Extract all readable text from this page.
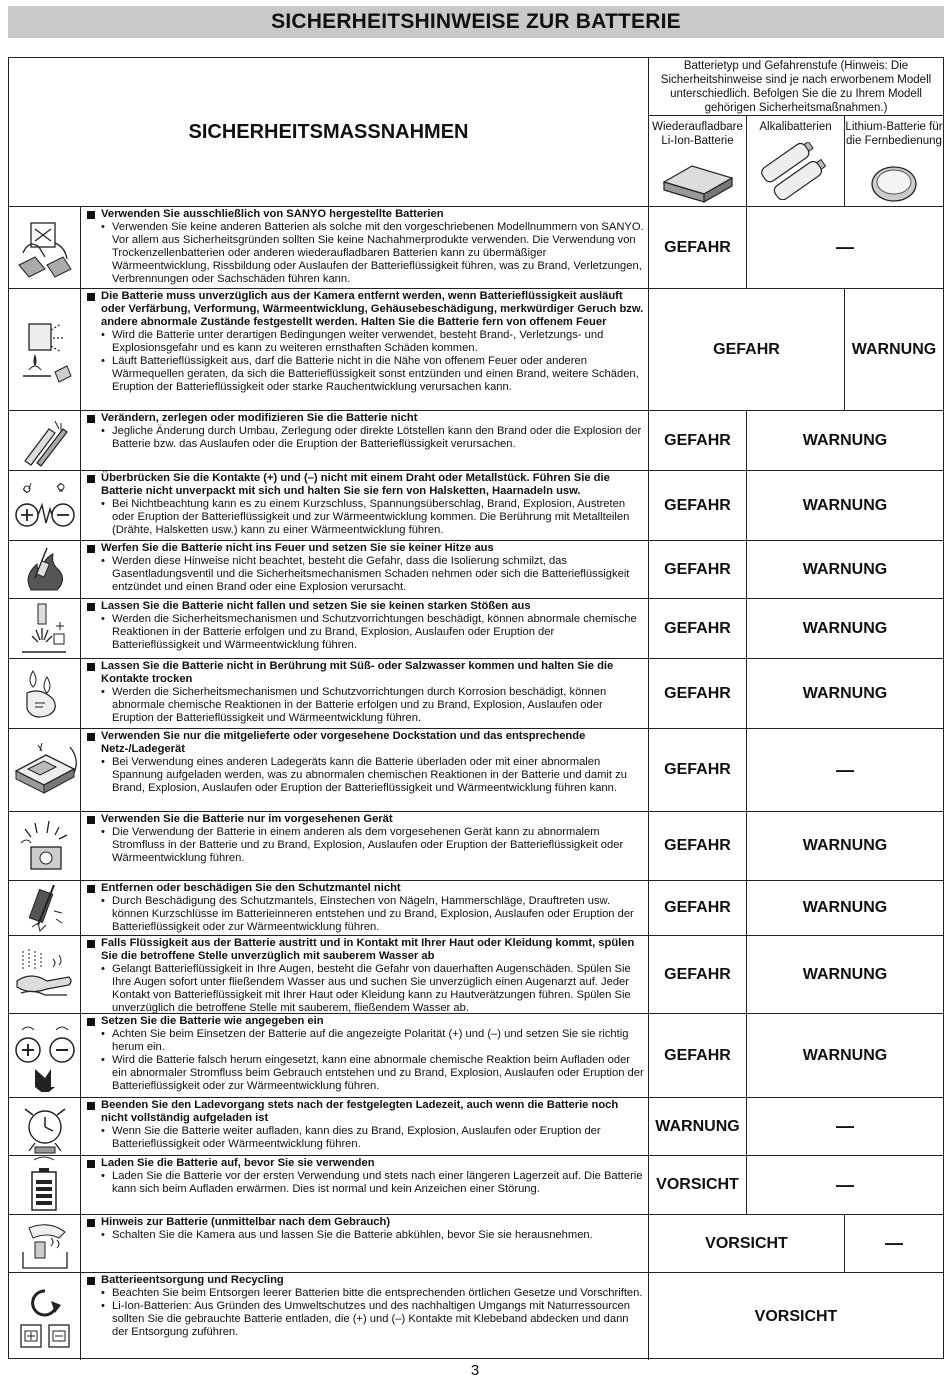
SICHERHEITSHINWEISE ZUR BATTERIE
SICHERHEITSMASSNAHMEN
Batterietyp und Gefahrenstufe (Hinweis: Die Sicherheitshinweise sind je nach erworbenem Modell unterschiedlich. Befolgen Sie die zu Ihrem Modell gehörigen Sicherheitsmaßnahmen.)
Wiederaufladbare Li-Ion-Batterie
Alkalibatterien	Lithium-Batterie für die Fernbedienung
Verwenden Sie ausschließlich von SANYO hergestellte Batterien
• Verwenden Sie keine anderen Batterien als solche mit den vorgeschriebenen Modellnummern von SANYO. Vor allem aus Sicherheitsgründen sollten Sie keine Nachahmerprodukte verwenden. Die Verwendung von Trockenzellenbatterien oder anderen wiederaufladbaren Batterien kann zu übermäßiger Wärmeentwicklung, Rissbildung oder Auslaufen der Batterieflüssigkeit führen, was zu Brand, Verletzungen, Verbrennungen oder Sachschäden führen kann.
GEFAHR	—
Die Batterie muss unverzüglich aus der Kamera entfernt werden, wenn Batterieflüssigkeit ausläuft oder Verfärbung, Verformung, Wärmeentwicklung, Gehäusebeschädigung, merkwürdiger Geruch bzw. andere abnormale Zustände festgestellt werden. Halten Sie die Batterie fern von offenem Feuer
• Wird die Batterie unter derartigen Bedingungen weiter verwendet, besteht Brand-, Verletzungs- und Explosionsgefahr und es kann zu weiteren ernsthaften Schäden kommen.
• Läuft Batterieflüssigkeit aus, darf die Batterie nicht in die Nähe von offenem Feuer oder anderen Wärmequellen geraten, da sich die Batterieflüssigkeit sonst entzünden und einen Brand, weitere Schäden, Eruption der Batterieflüssigkeit oder starke Rauchentwicklung verursachen kann.
GEFAHR	WARNUNG
Verändern, zerlegen oder modifizieren Sie die Batterie nicht
• Jegliche Änderung durch Umbau, Zerlegung oder direkte Lötstellen kann den Brand oder die Explosion der Batterie bzw. das Auslaufen oder die Eruption der Batterieflüssigkeit verursachen.	GEFAHR	WARNUNG
Überbrücken Sie die Kontakte (+) und (–) nicht mit einem Draht oder Metallstück. Führen Sie die Batterie nicht unverpackt mit sich und halten Sie sie fern von Halsketten, Haarnadeln usw.
• Bei Nichtbeachtung kann es zu einem Kurzschluss, Spannungsüberschlag, Brand, Explosion, Austreten oder Eruption der Batterieflüssigkeit und zur Wärmeentwicklung kommen. Die Berührung mit Metallteilen (Drähte, Halsketten usw.) kann zu einer Wärmeentwicklung führen.
GEFAHR	WARNUNG
Werfen Sie die Batterie nicht ins Feuer und setzen Sie sie keiner Hitze aus
• Werden diese Hinweise nicht beachtet, besteht die Gefahr, dass die Isolierung schmilzt, das Gasentladungsventil und die Sicherheitsmechanismen Schaden nehmen oder sich die Batterieflüssigkeit entzündet und einen Brand oder eine Explosion verursacht.
GEFAHR	WARNUNG
Lassen Sie die Batterie nicht fallen und setzen Sie sie keinen starken Stößen aus
• Werden die Sicherheitsmechanismen und Schutzvorrichtungen beschädigt, können abnormale chemische Reaktionen in der Batterie erfolgen und zu Brand, Explosion, Auslaufen oder Eruption der Batterieflüssigkeit und Wärmeentwicklung führen.
GEFAHR	WARNUNG
Lassen Sie die Batterie nicht in Berührung mit Süß- oder Salzwasser kommen und halten Sie die Kontakte trocken
• Werden die Sicherheitsmechanismen und Schutzvorrichtungen durch Korrosion beschädigt, können abnormale chemische Reaktionen in der Batterie erfolgen und zu Brand, Explosion, Auslaufen oder Eruption der Batterieflüssigkeit und Wärmeentwicklung führen.
GEFAHR	WARNUNG
Verwenden Sie nur die mitgelieferte oder vorgesehene Dockstation und das entsprechende Netz-/Ladegerät
• Bei Verwendung eines anderen Ladegeräts kann die Batterie überladen oder mit einer abnormalen Spannung aufgeladen werden, was zu abnormalen chemischen Reaktionen in der Batterie und damit zu Brand, Explosion, Auslaufen oder Eruption der Batterieflüssigkeit und Wärmeentwicklung führen kann.
GEFAHR	—
Verwenden Sie die Batterie nur im vorgesehenen Gerät
• Die Verwendung der Batterie in einem anderen als dem vorgesehenen Gerät kann zu abnormalem Stromfluss in der Batterie und zu Brand, Explosion, Auslaufen oder Eruption der Batterieflüssigkeit oder Wärmeentwicklung führen.
GEFAHR	WARNUNG
Entfernen oder beschädigen Sie den Schutzmantel nicht
• Durch Beschädigung des Schutzmantels, Einstechen von Nägeln, Hammerschläge, Drauftreten usw. können Kurzschlüsse im Batterieinneren entstehen und zu Brand, Explosion, Auslaufen oder Eruption der Batterieflüssigkeit oder zur Wärmeentwicklung führen.
GEFAHR	WARNUNG
Falls Flüssigkeit aus der Batterie austritt und in Kontakt mit Ihrer Haut oder Kleidung kommt, spülen Sie die betroffene Stelle unverzüglich mit sauberem Wasser ab
• Gelangt Batterieflüssigkeit in Ihre Augen, besteht die Gefahr von dauerhaften Augenschäden. Spülen Sie Ihre Augen sofort unter fließendem Wasser aus und suchen Sie unverzüglich einen Augenarzt auf. Jeder Kontakt von Batterieflüssigkeit mit Ihrer Haut oder Kleidung kann zu Hautverätzungen führen. Spülen Sie unverzüglich die betroffene Stelle mit sauberem, fließendem Wasser ab.
GEFAHR	WARNUNG
Setzen Sie die Batterie wie angegeben ein
• Achten Sie beim Einsetzen der Batterie auf die angezeigte Polarität (+) und (–) und setzen Sie sie richtig herum ein.
• Wird die Batterie falsch herum eingesetzt, kann eine abnormale chemische Reaktion beim Aufladen oder ein abnormaler Stromfluss beim Gebrauch entstehen und zu Brand, Explosion, Auslaufen oder Eruption der Batterieflüssigkeit oder zur Wärmeentwicklung führen.
GEFAHR	WARNUNG
Beenden Sie den Ladevorgang stets nach der festgelegten Ladezeit, auch wenn die Batterie noch nicht vollständig aufgeladen ist
• Wenn Sie die Batterie weiter aufladen, kann dies zu Brand, Explosion, Auslaufen oder Eruption der Batterieflüssigkeit oder Wärmeentwicklung führen.
WARNUNG	—
Laden Sie die Batterie auf, bevor Sie sie verwenden
• Laden Sie die Batterie vor der ersten Verwendung und stets nach einer längeren Lagerzeit auf. Die Batterie kann sich beim Aufladen erwärmen. Dies ist normal und kein Anzeichen einer Störung.	VORSICHT	—
Hinweis zur Batterie (unmittelbar nach dem Gebrauch)
• Schalten Sie die Kamera aus und lassen Sie die Batterie abkühlen, bevor Sie sie herausnehmen.	VORSICHT	—
Batterieentsorgung und Recycling
• Beachten Sie beim Entsorgen leerer Batterien bitte die entsprechenden örtlichen Gesetze und Vorschriften.
• Li-Ion-Batterien: Aus Gründen des Umweltschutzes und des nachhaltigen Umgangs mit Naturressourcen sollten Sie die gebrauchte Batterie entladen, die (+) und (–) Kontakte mit Klebeband abdecken und dann der Entsorgung zuführen.
VORSICHT
3
